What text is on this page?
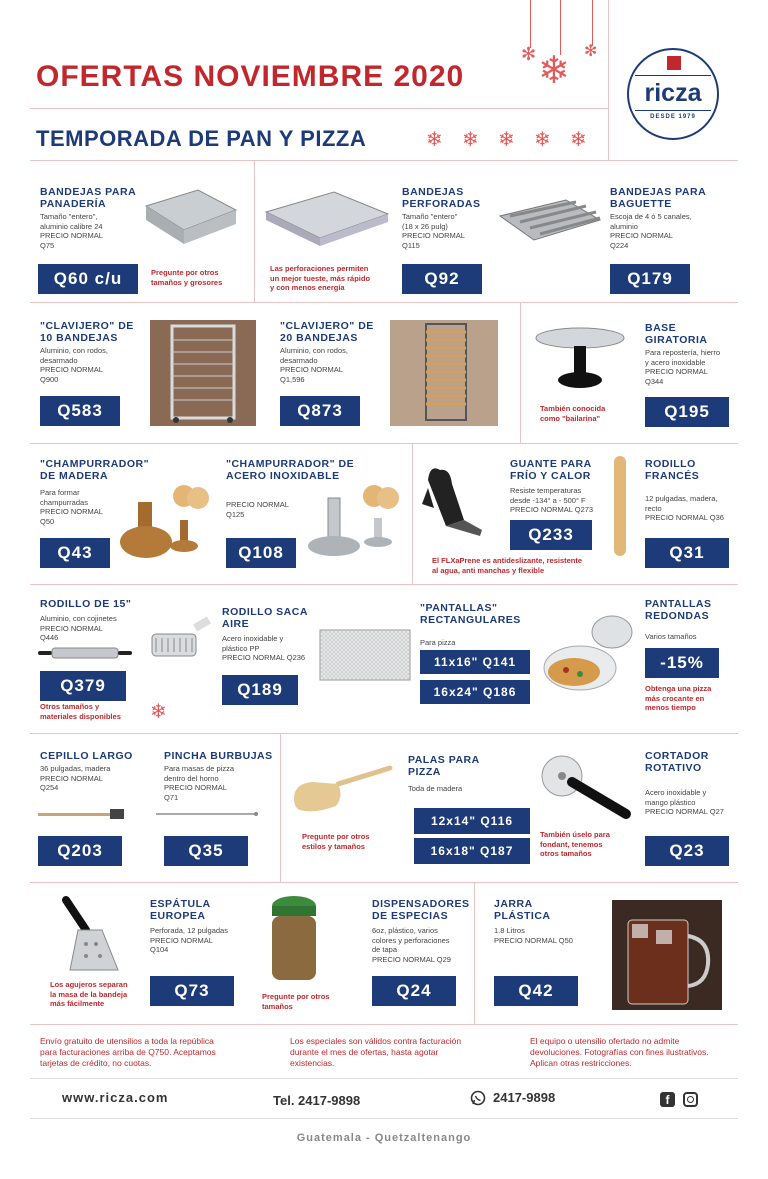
✻ ❄ ✻
OFERTAS NOVIEMBRE 2020
TEMPORADA DE PAN Y PIZZA	❄ ❄ ❄ ❄ ❄
ricza
DESDE 1979
BANDEJAS PARA
PANADERÍA
Tamaño "entero",
aluminio calibre 24
PRECIO NORMAL
Q75
Q60 c/u	Pregunte por otros
tamaños y grosores
BANDEJAS
PERFORADAS
Tamaño "entero"
(18 x 26 pulg)
PRECIO NORMAL
Q115
Las perforaciones permiten
un mejor tueste, más rápido
y con menos energía	Q92
BANDEJAS PARA
BAGUETTE
Escoja de 4 ó 5 canales,
aluminio
PRECIO NORMAL
Q224
Q179
"CLAVIJERO" DE
10 BANDEJAS
Aluminio, con rodos,
desarmado
PRECIO NORMAL
Q900
Q583
"CLAVIJERO" DE
20 BANDEJAS
Aluminio, con rodos,
desarmado
PRECIO NORMAL
Q1,596
Q873
BASE
GIRATORIA
Para repostería, hierro
y acero inoxidable
PRECIO NORMAL
Q344
También conocida
como "bailarina"	Q195
"CHAMPURRADOR"
DE MADERA
Para formar
champurradas
PRECIO NORMAL
Q50
Q43
"CHAMPURRADOR" DE
ACERO INOXIDABLE
PRECIO NORMAL
Q125
Q108
GUANTE PARA
FRÍO Y CALOR
Resiste temperaturas
desde -134° a - 500° F
PRECIO NORMAL Q273
Q233
El FLXaPrene es antideslizante, resistente
al agua, anti manchas y flexible
RODILLO
FRANCÉS
12 pulgadas, madera,
recto
PRECIO NORMAL Q36
Q31
RODILLO DE 15"
Aluminio, con cojinetes
PRECIO NORMAL
Q446
Q379
Otros tamaños y
materiales disponibles ❄
RODILLO SACA
AIRE
Acero inoxidable y
plástico PP
PRECIO NORMAL Q236
Q189
"PANTALLAS"
RECTANGULARES
Para pizza
11x16" Q141
16x24" Q186
PANTALLAS
REDONDAS
Varios tamaños
-15%
Obtenga una pizza
más crocante en
menos tiempo
CEPILLO LARGO
36 pulgadas, madera
PRECIO NORMAL
Q254
Q203
PINCHA BURBUJAS
Para masas de pizza
dentro del horno
PRECIO NORMAL
Q71
Q35
Pregunte por otros
estilos y tamaños
PALAS PARA
PIZZA
Toda de madera
12x14" Q116
16x18" Q187
También úselo para
fondant, tenemos
otros tamaños
CORTADOR
ROTATIVO
Acero inoxidable y
mango plástico
PRECIO NORMAL Q27
Q23
Los agujeros separan
la masa de la bandeja
más fácilmente
ESPÁTULA
EUROPEA
Perforada, 12 pulgadas
PRECIO NORMAL
Q104
Q73	Pregunte por otros
tamaños
DISPENSADORES
DE ESPECIAS
6oz, plástico, varios
colores y perforaciones
de tapa
PRECIO NORMAL Q29
Q24
JARRA
PLÁSTICA
1.8 Litros
PRECIO NORMAL Q50
Q42
Envío gratuito de utensilios a toda la república
para facturaciones arriba de Q750. Aceptamos
tarjetas de crédito, no cuotas.
Los especiales son válidos contra facturación
durante el mes de ofertas, hasta agotar
existencias.
El equipo o utensilio ofertado no admite
devoluciones. Fotografías con fines ilustrativos.
Aplican otras restricciones.
www.ricza.com	Tel. 2417-9898	2417-9898	f
Guatemala - Quetzaltenango
